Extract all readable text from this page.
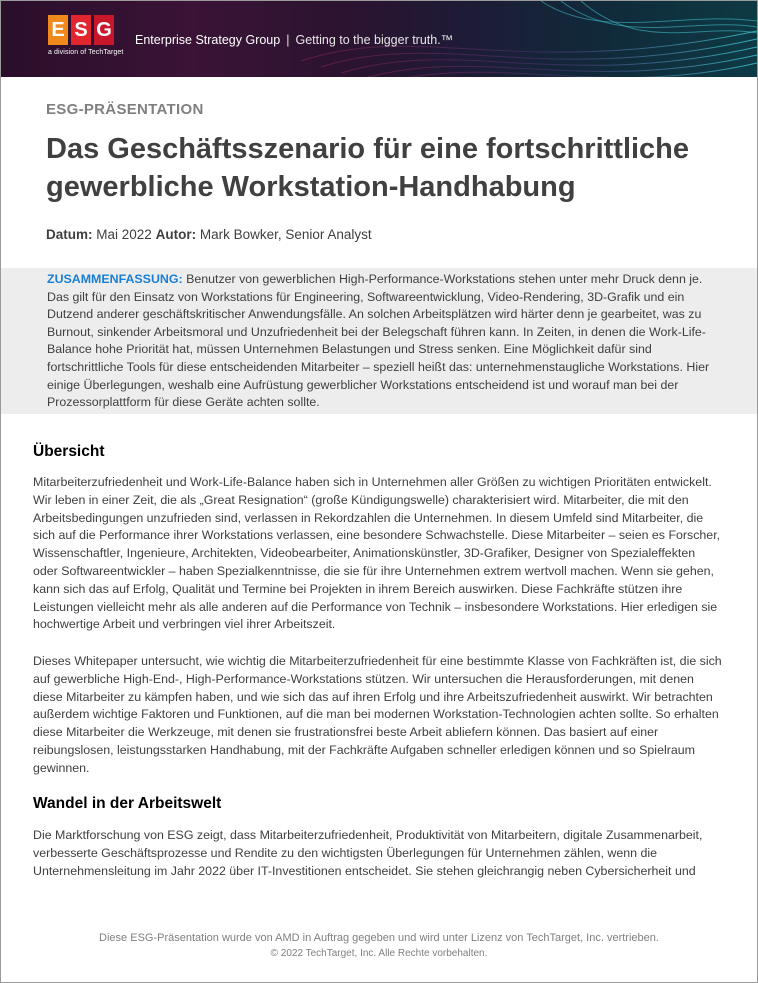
E S G
a division of TechTarget
Enterprise Strategy Group | Getting to the bigger truth.™
ESG-PRÄSENTATION
Das Geschäftsszenario für eine fortschrittliche gewerbliche Workstation-Handhabung
Datum: Mai 2022 Autor: Mark Bowker, Senior Analyst

ZUSAMMENFASSUNG: Benutzer von gewerblichen High-Performance-Workstations stehen unter mehr Druck denn je. Das gilt für den Einsatz von Workstations für Engineering, Softwareentwicklung, Video-Rendering, 3D-Grafik und ein Dutzend anderer geschäftskritischer Anwendungsfälle. An solchen Arbeitsplätzen wird härter denn je gearbeitet, was zu Burnout, sinkender Arbeitsmoral und Unzufriedenheit bei der Belegschaft führen kann. In Zeiten, in denen die Work-Life-Balance hohe Priorität hat, müssen Unternehmen Belastungen und Stress senken. Eine Möglichkeit dafür sind fortschrittliche Tools für diese entscheidenden Mitarbeiter – speziell heißt das: unternehmenstaugliche Workstations. Hier einige Überlegungen, weshalb eine Aufrüstung gewerblicher Workstations entscheidend ist und worauf man bei der Prozessorplattform für diese Geräte achten sollte.

Übersicht

Mitarbeiterzufriedenheit und Work-Life-Balance haben sich in Unternehmen aller Größen zu wichtigen Prioritäten entwickelt. Wir leben in einer Zeit, die als „Great Resignation“ (große Kündigungswelle) charakterisiert wird. Mitarbeiter, die mit den Arbeitsbedingungen unzufrieden sind, verlassen in Rekordzahlen die Unternehmen. In diesem Umfeld sind Mitarbeiter, die sich auf die Performance ihrer Workstations verlassen, eine besondere Schwachstelle. Diese Mitarbeiter – seien es Forscher, Wissenschaftler, Ingenieure, Architekten, Videobearbeiter, Animationskünstler, 3D-Grafiker, Designer von Spezialeffekten oder Softwareentwickler – haben Spezialkenntnisse, die sie für ihre Unternehmen extrem wertvoll machen. Wenn sie gehen, kann sich das auf Erfolg, Qualität und Termine bei Projekten in ihrem Bereich auswirken. Diese Fachkräfte stützen ihre Leistungen vielleicht mehr als alle anderen auf die Performance von Technik – insbesondere Workstations. Hier erledigen sie hochwertige Arbeit und verbringen viel ihrer Arbeitszeit.

Dieses Whitepaper untersucht, wie wichtig die Mitarbeiterzufriedenheit für eine bestimmte Klasse von Fachkräften ist, die sich auf gewerbliche High-End-, High-Performance-Workstations stützen. Wir untersuchen die Herausforderungen, mit denen diese Mitarbeiter zu kämpfen haben, und wie sich das auf ihren Erfolg und ihre Arbeitszufriedenheit auswirkt. Wir betrachten außerdem wichtige Faktoren und Funktionen, auf die man bei modernen Workstation-Technologien achten sollte. So erhalten diese Mitarbeiter die Werkzeuge, mit denen sie frustrationsfrei beste Arbeit abliefern können. Das basiert auf einer reibungslosen, leistungsstarken Handhabung, mit der Fachkräfte Aufgaben schneller erledigen können und so Spielraum gewinnen.

Wandel in der Arbeitswelt

Die Marktforschung von ESG zeigt, dass Mitarbeiterzufriedenheit, Produktivität von Mitarbeitern, digitale Zusammenarbeit, verbesserte Geschäftsprozesse und Rendite zu den wichtigsten Überlegungen für Unternehmen zählen, wenn die Unternehmensleitung im Jahr 2022 über IT-Investitionen entscheidet. Sie stehen gleichrangig neben Cybersicherheit und

Diese ESG-Präsentation wurde von AMD in Auftrag gegeben und wird unter Lizenz von TechTarget, Inc. vertrieben.
© 2022 TechTarget, Inc. Alle Rechte vorbehalten.
